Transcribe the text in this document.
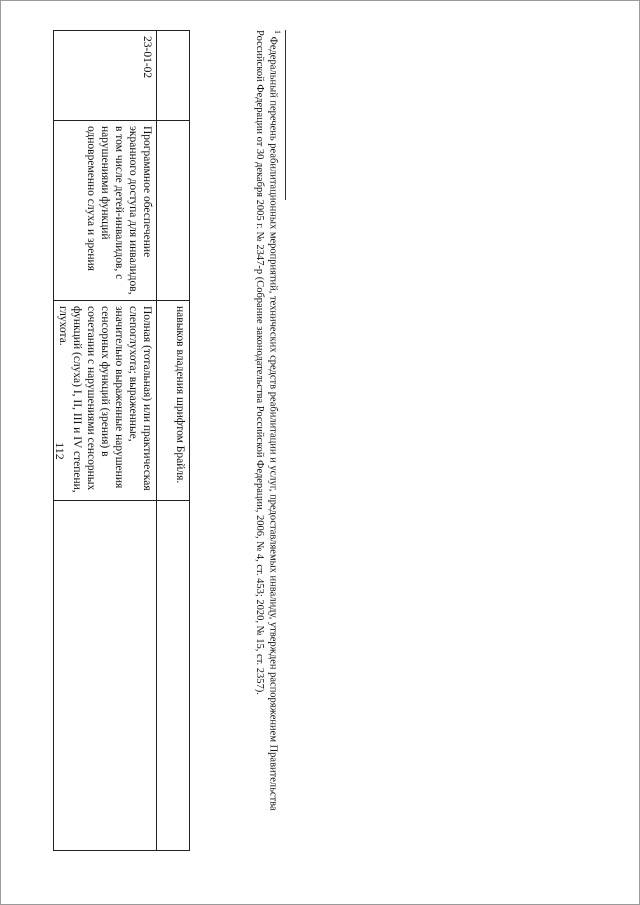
112
			навыков владения шрифтом Брайля.	
23-01-02	Программное обеспечение экранного доступа для инвалидов, в том числе детей-инвалидов, с нарушениями функций одновременно слуха и зрения	Полная (тотальная) или практическая слепоглухота; выраженные, значительно выраженные нарушения сенсорных функций (зрения) в сочетании с нарушениями сенсорных функций (слуха) I, II, III и IV степени, глухота.	
$^1$ Федеральный перечень реабилитационных мероприятий, технических средств реабилитации и услуг, предоставляемых инвалиду, утвержден распоряжением Правительства Российской Федерации от 30 декабря 2005 г. № 2347-р (Собрание законодательства Российской Федерации, 2006, № 4, ст. 453; 2020, № 15, ст. 2357).
